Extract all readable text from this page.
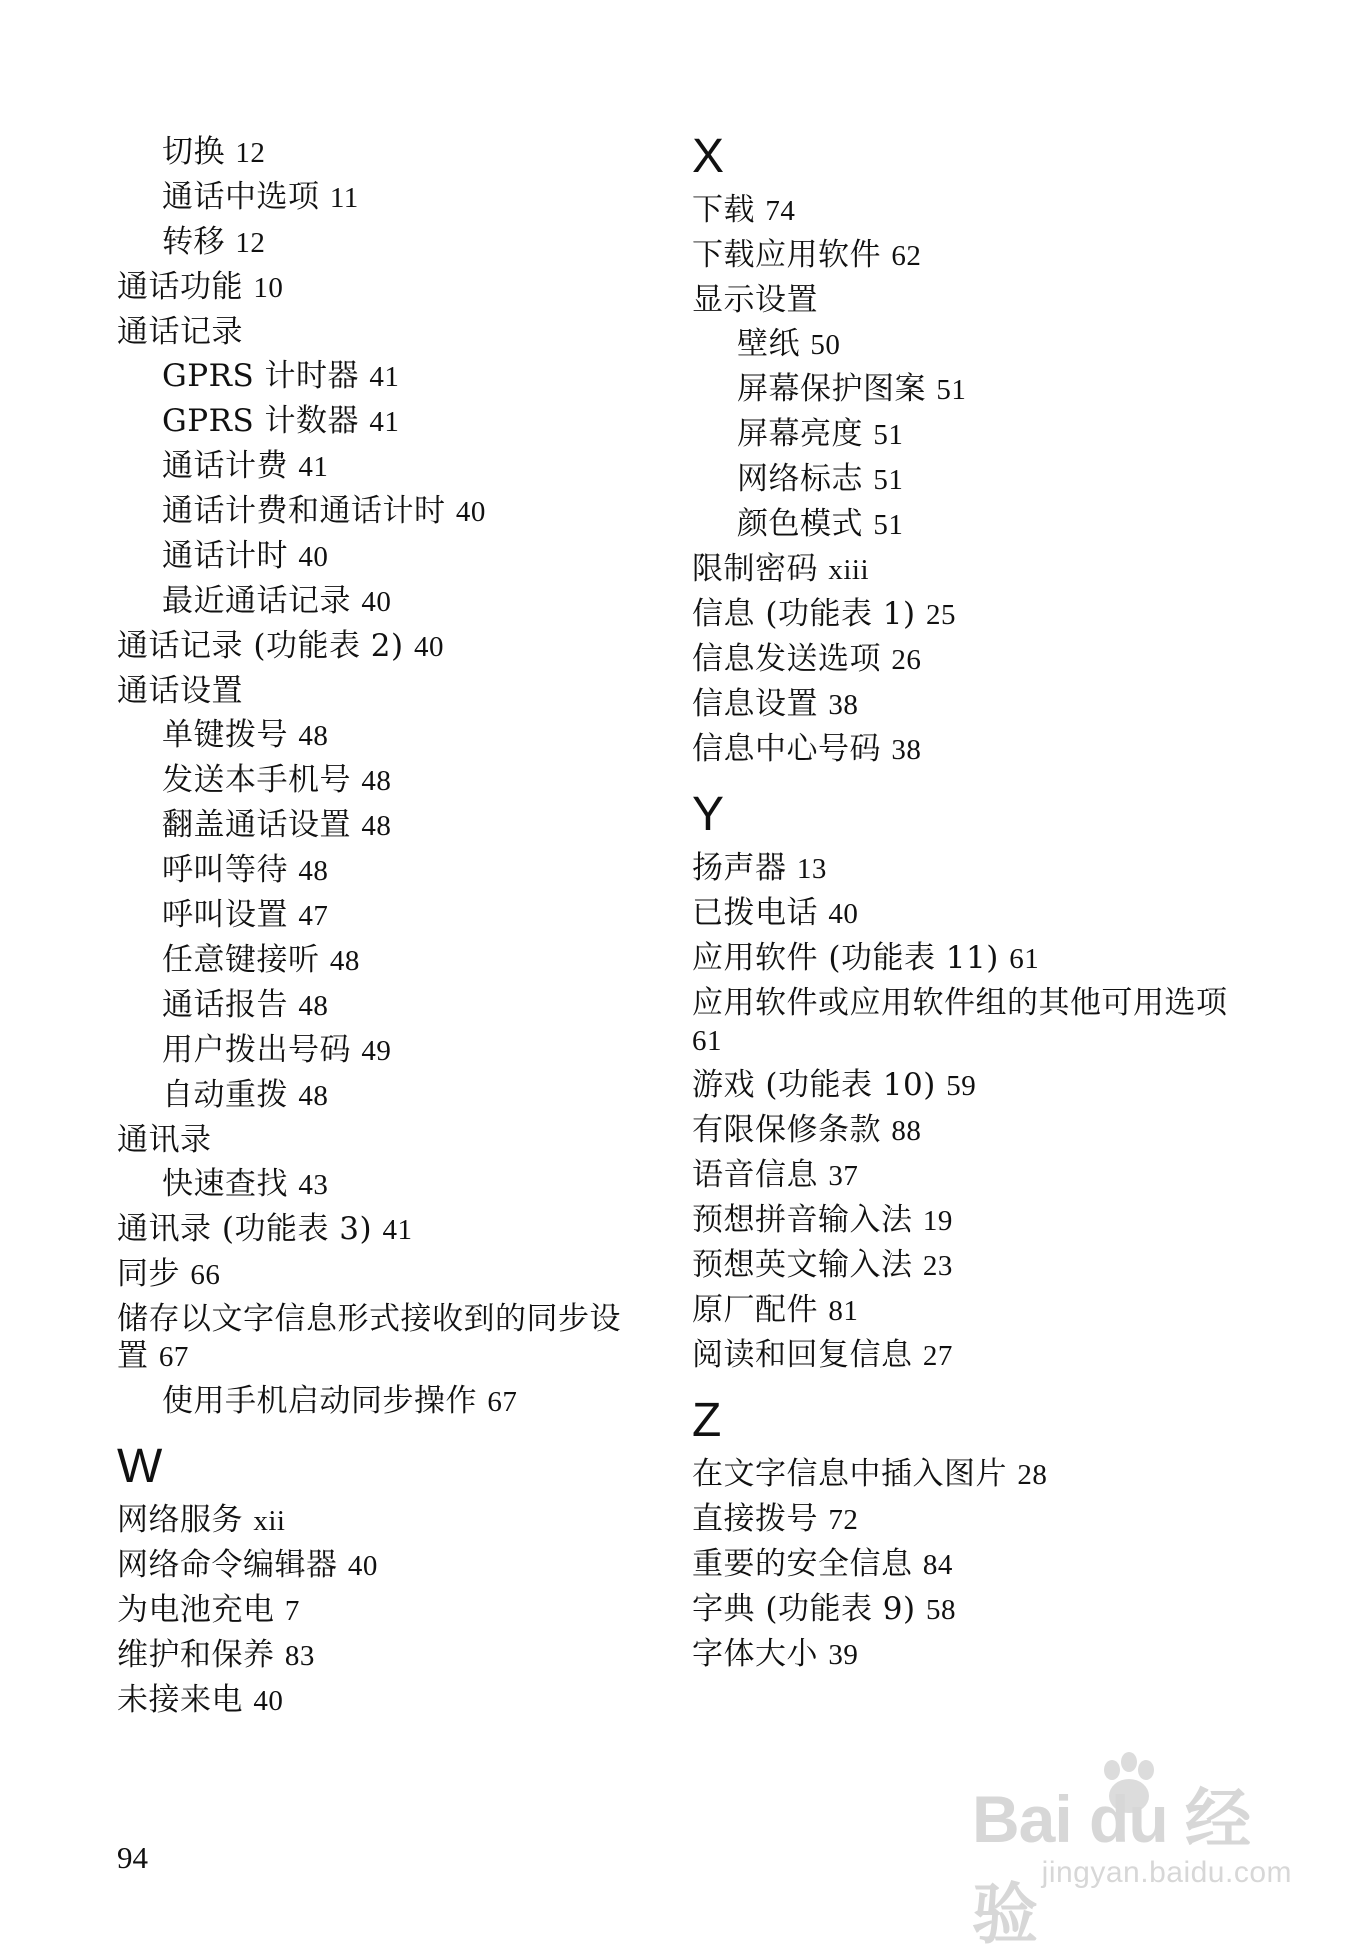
切换 12
通话中选项 11
转移 12
通话功能 10
通话记录
GPRS 计时器 41
GPRS 计数器 41
通话计费 41
通话计费和通话计时 40
通话计时 40
最近通话记录 40
通话记录 (功能表 2) 40
通话设置
单键拨号 48
发送本手机号 48
翻盖通话设置 48
呼叫等待 48
呼叫设置 47
任意键接听 48
通话报告 48
用户拨出号码 49
自动重拨 48
通讯录
快速查找 43
通讯录 (功能表 3) 41
同步 66
储存以文字信息形式接收到的同步设置 67
使用手机启动同步操作 67
W
网络服务 xii
网络命令编辑器 40
为电池充电 7
维护和保养 83
未接来电 40
X
下载 74
下载应用软件 62
显示设置
壁纸 50
屏幕保护图案 51
屏幕亮度 51
网络标志 51
颜色模式 51
限制密码 xiii
信息 (功能表 1) 25
信息发送选项 26
信息设置 38
信息中心号码 38
Y
扬声器 13
已拨电话 40
应用软件 (功能表 11) 61
应用软件或应用软件组的其他可用选项 61
游戏 (功能表 10) 59
有限保修条款 88
语音信息 37
预想拼音输入法 19
预想英文输入法 23
原厂配件 81
阅读和回复信息 27
Z
在文字信息中插入图片 28
直接拨号 72
重要的安全信息 84
字典 (功能表 9) 58
字体大小 39
94
Bai du 经验
jingyan.baidu.com
